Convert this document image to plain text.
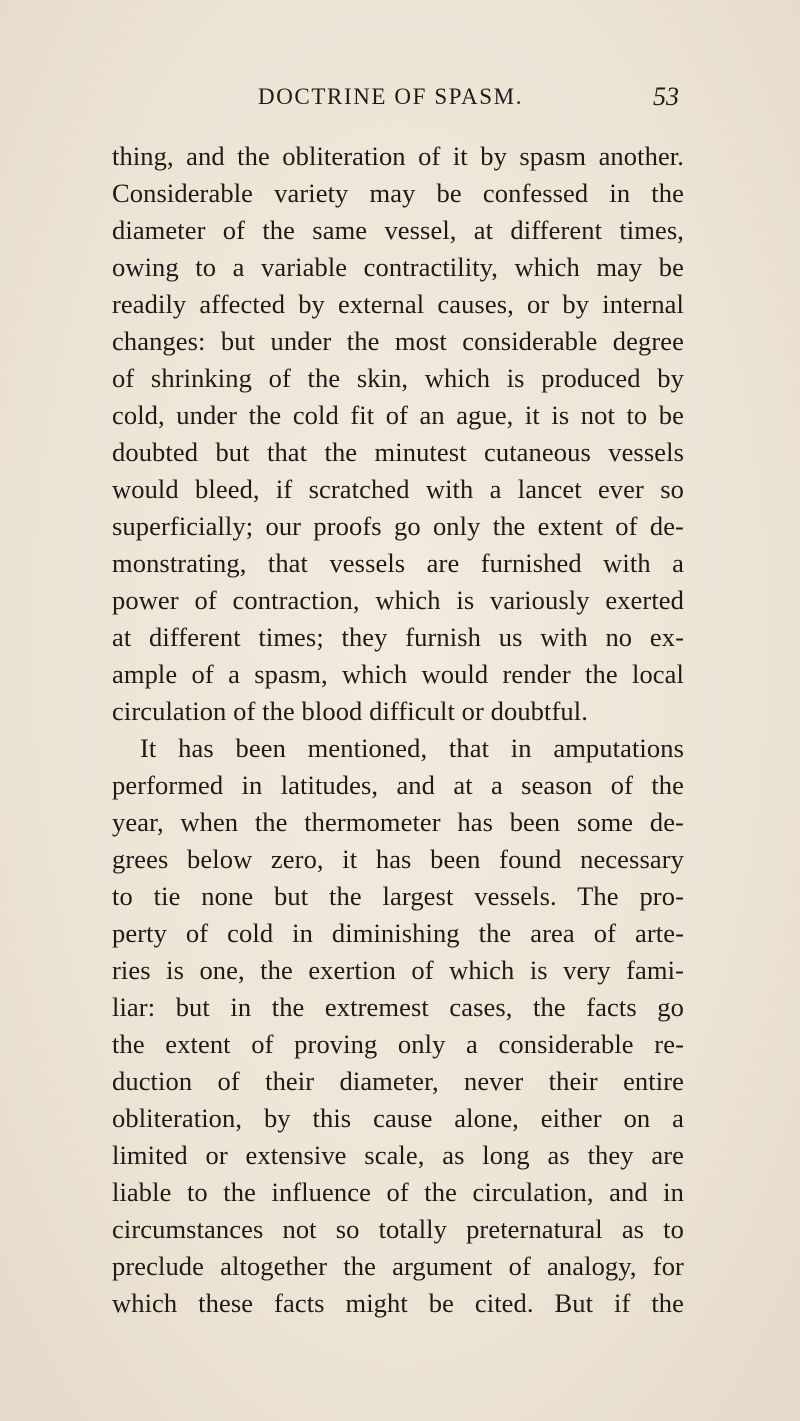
DOCTRINE OF SPASM.	53
thing, and the obliteration of it by spasm another.
Considerable variety may be confessed in the
diameter of the same vessel, at different times,
owing to a variable contractility, which may be
readily affected by external causes, or by internal
changes: but under the most considerable degree
of shrinking of the skin, which is produced by
cold, under the cold fit of an ague, it is not to be
doubted but that the minutest cutaneous vessels
would bleed, if scratched with a lancet ever so
superficially; our proofs go only the extent of de-
monstrating, that vessels are furnished with a
power of contraction, which is variously exerted
at different times; they furnish us with no ex-
ample of a spasm, which would render the local
circulation of the blood difficult or doubtful.
It has been mentioned, that in amputations
performed in latitudes, and at a season of the
year, when the thermometer has been some de-
grees below zero, it has been found necessary
to tie none but the largest vessels. The pro-
perty of cold in diminishing the area of arte-
ries is one, the exertion of which is very fami-
liar: but in the extremest cases, the facts go
the extent of proving only a considerable re-
duction of their diameter, never their entire
obliteration, by this cause alone, either on a
limited or extensive scale, as long as they are
liable to the influence of the circulation, and in
circumstances not so totally preternatural as to
preclude altogether the argument of analogy, for
which these facts might be cited. But if the
